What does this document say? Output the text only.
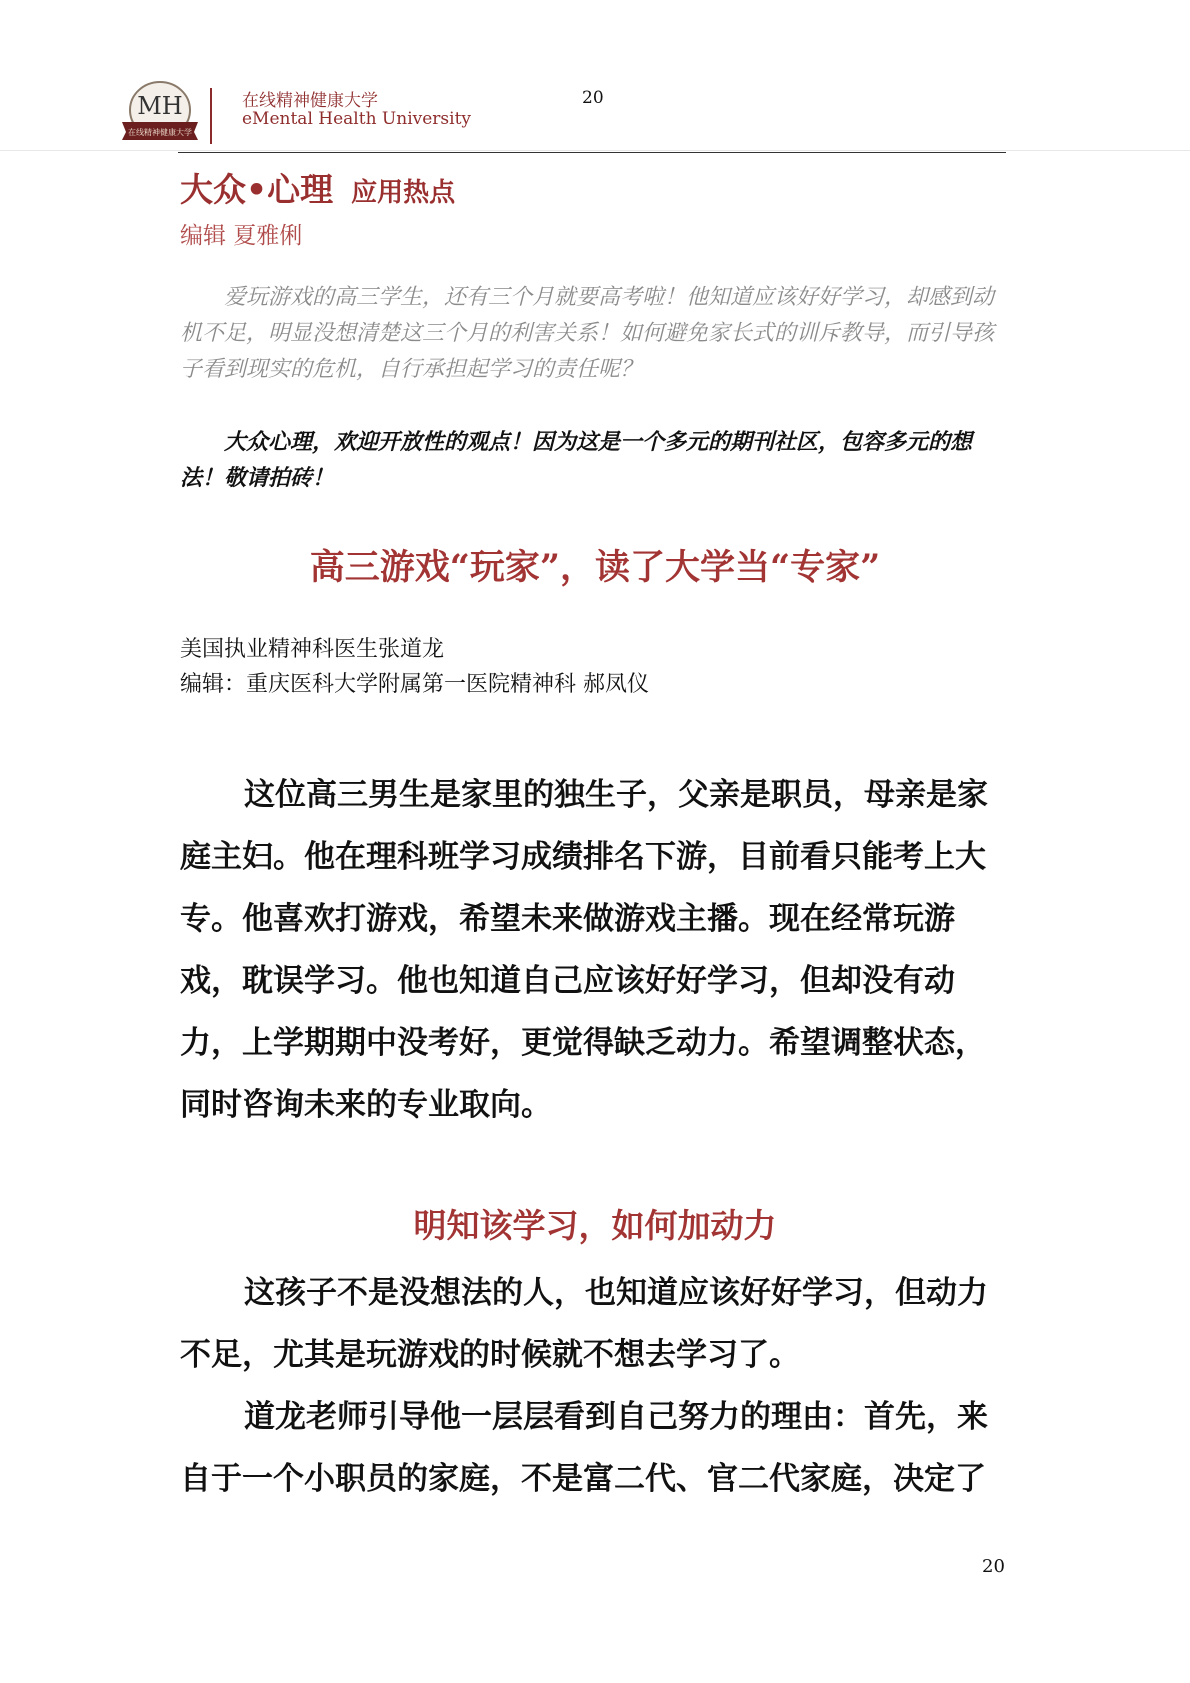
MH
在线精神健康大学
在线精神健康大学
eMental Health University
20
大众•心理 应用热点
编辑 夏雅俐

爱玩游戏的高三学生，还有三个月就要高考啦！他知道应该好好学习，却感到动机不足，明显没想清楚这三个月的利害关系！如何避免家长式的训斥教导，而引导孩子看到现实的危机，自行承担起学习的责任呢？

大众心理，欢迎开放性的观点！因为这是一个多元的期刊社区，包容多元的想法！敬请拍砖！

高三游戏“玩家”，读了大学当“专家”
美国执业精神科医生张道龙
编辑：重庆医科大学附属第一医院精神科 郝凤仪

这位高三男生是家里的独生子，父亲是职员，母亲是家庭主妇。他在理科班学习成绩排名下游，目前看只能考上大专。他喜欢打游戏，希望未来做游戏主播。现在经常玩游戏，耽误学习。他也知道自己应该好好学习，但却没有动力，上学期期中没考好，更觉得缺乏动力。希望调整状态，同时咨询未来的专业取向。

明知该学习，如何加动力

这孩子不是没想法的人，也知道应该好好学习，但动力不足，尤其是玩游戏的时候就不想去学习了。

道龙老师引导他一层层看到自己努力的理由：首先，来自于一个小职员的家庭，不是富二代、官二代家庭，决定了

20
